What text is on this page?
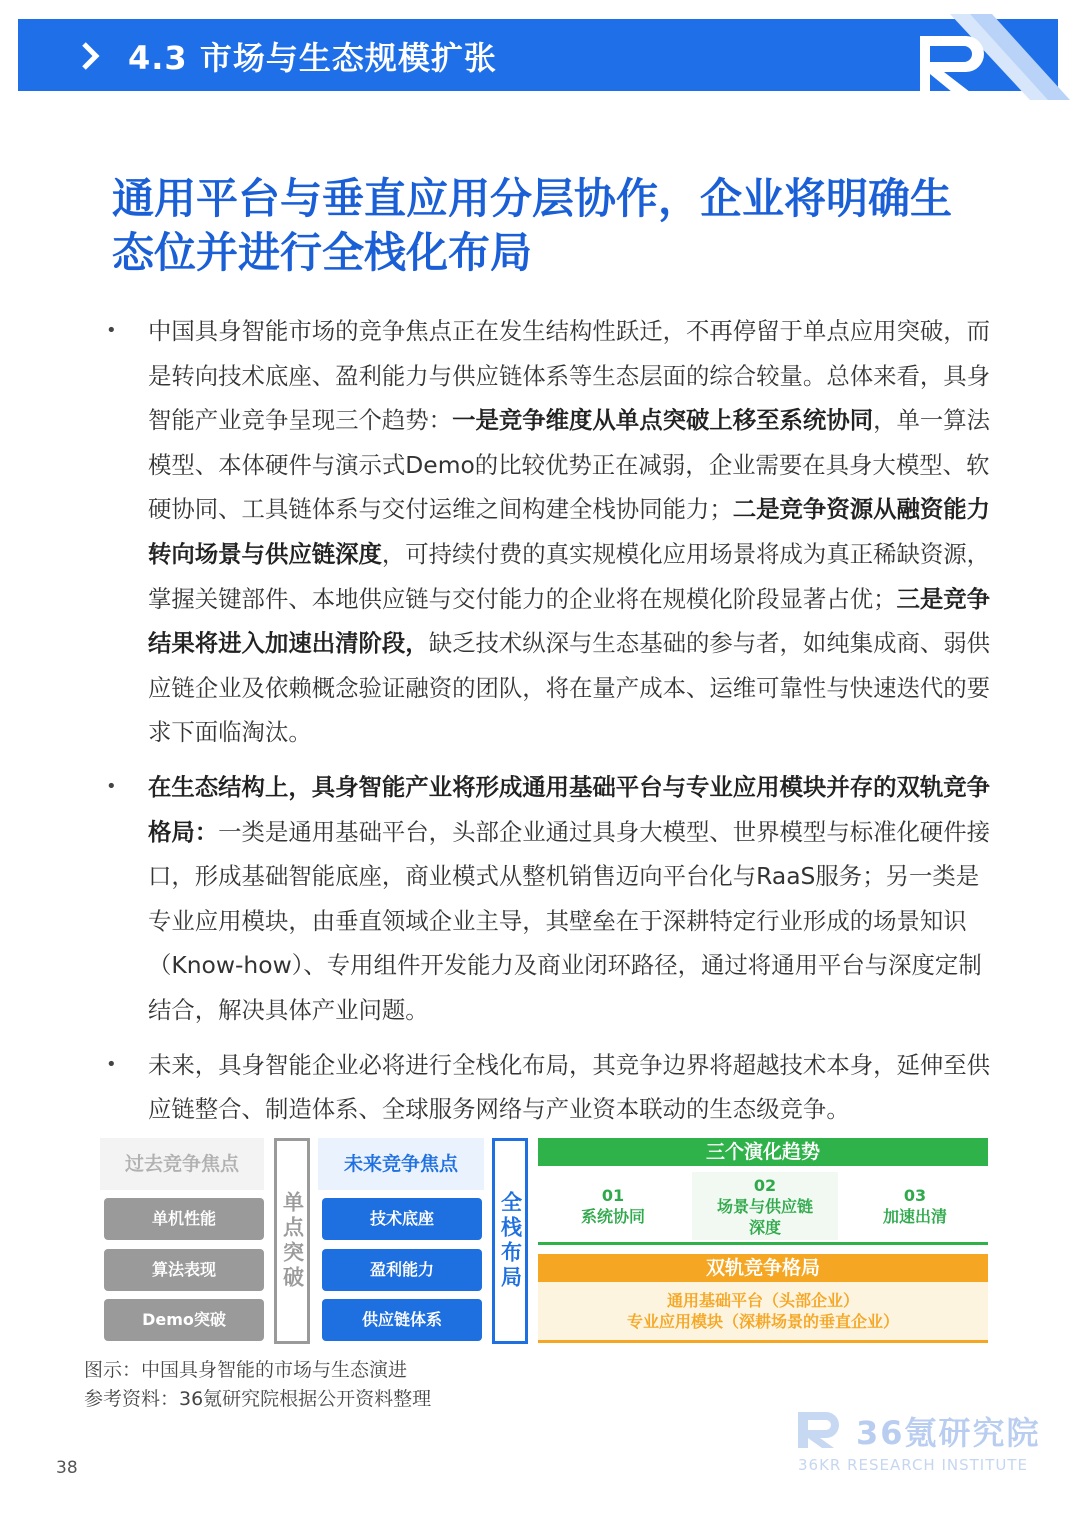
4.3 市场与生态规模扩张
通用平台与垂直应用分层协作，企业将明确生态位并进行全栈化布局
• 中国具身智能市场的竞争焦点正在发生结构性跃迁，不再停留于单点应用突破，而是转向技术底座、盈利能力与供应链体系等生态层面的综合较量。总体来看，具身智能产业竞争呈现三个趋势：一是竞争维度从单点突破上移至系统协同，单一算法模型、本体硬件与演示式Demo的比较优势正在减弱，企业需要在具身大模型、软硬协同、工具链体系与交付运维之间构建全栈协同能力；二是竞争资源从融资能力转向场景与供应链深度，可持续付费的真实规模化应用场景将成为真正稀缺资源，掌握关键部件、本地供应链与交付能力的企业将在规模化阶段显著占优；三是竞争结果将进入加速出清阶段，缺乏技术纵深与生态基础的参与者，如纯集成商、弱供应链企业及依赖概念验证融资的团队，将在量产成本、运维可靠性与快速迭代的要求下面临淘汰。
• 在生态结构上，具身智能产业将形成通用基础平台与专业应用模块并存的双轨竞争格局：一类是通用基础平台，头部企业通过具身大模型、世界模型与标准化硬件接口，形成基础智能底座，商业模式从整机销售迈向平台化与RaaS服务；另一类是专业应用模块，由垂直领域企业主导，其壁垒在于深耕特定行业形成的场景知识（Know-how）、专用组件开发能力及商业闭环路径，通过将通用平台与深度定制结合，解决具体产业问题。
• 未来，具身智能企业必将进行全栈化布局，其竞争边界将超越技术本身，延伸至供应链整合、制造体系、全球服务网络与产业资本联动的生态级竞争。
过去竞争焦点
单机性能
算法表现
Demo突破
单点突破
未来竞争焦点
技术底座
盈利能力
供应链体系
全栈布局
三个演化趋势
01
系统协同
02
场景与供应链深度
03
加速出清
双轨竞争格局
通用基础平台（头部企业）
专业应用模块（深耕场景的垂直企业）
图示：中国具身智能的市场与生态演进
参考资料：36氪研究院根据公开资料整理
36氪研究院
36KR RESEARCH INSTITUTE
38
